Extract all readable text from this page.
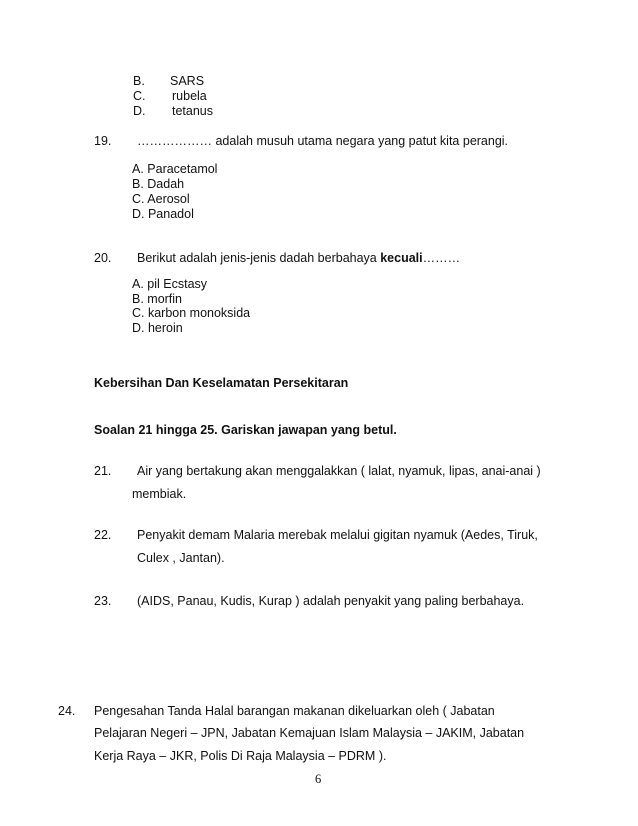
B. SARS
C. rubela
D. tetanus
19. ……………… adalah musuh utama negara yang patut kita perangi.
A. Paracetamol
B. Dadah
C. Aerosol
D. Panadol
20. Berikut adalah jenis-jenis dadah berbahaya kecuali………
A. pil Ecstasy
B. morfin
C. karbon monoksida
D. heroin
Kebersihan Dan Keselamatan Persekitaran
Soalan 21 hingga 25. Gariskan jawapan yang betul.
21. Air yang bertakung akan menggalakkan ( lalat, nyamuk, lipas, anai-anai )
membiak.
22. Penyakit demam Malaria merebak melalui gigitan nyamuk (Aedes, Tiruk,
Culex , Jantan).
23. (AIDS, Panau, Kudis, Kurap ) adalah penyakit yang paling berbahaya.
24. Pengesahan Tanda Halal barangan makanan dikeluarkan oleh ( Jabatan
Pelajaran Negeri – JPN, Jabatan Kemajuan Islam Malaysia – JAKIM, Jabatan
Kerja Raya – JKR, Polis Di Raja Malaysia – PDRM ).
6
